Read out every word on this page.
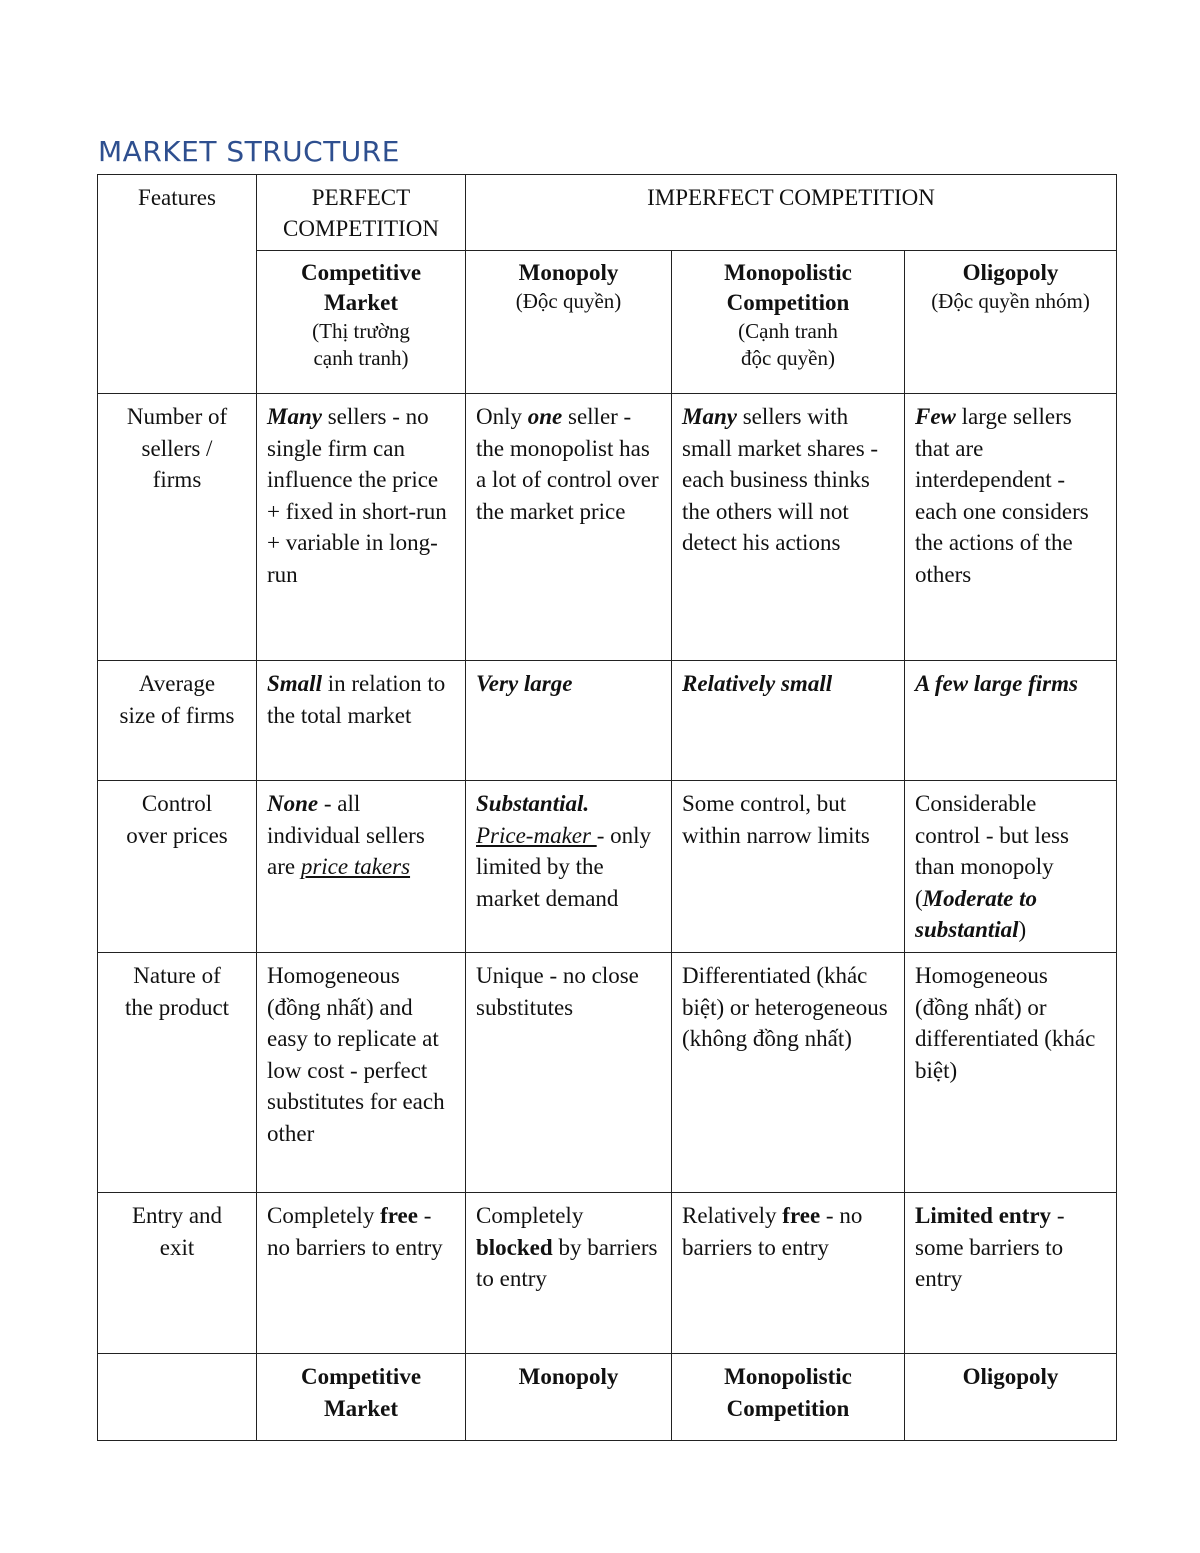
MARKET STRUCTURE
Features	PERFECT
COMPETITION	IMPERFECT COMPETITION		

	Competitive
Market
(Thị trường
cạnh tranh)	Monopoly
(Độc quyền)	Monopolistic
Competition
(Cạnh tranh
độc quyền)	Oligopoly
(Độc quyền nhóm)

Number of
sellers /
firms	Many sellers - no single firm can influence the price
+ fixed in short-run
+ variable in long-run	Only one seller - the monopolist has a lot of control over the market price	Many sellers with small market shares - each business thinks the others will not detect his actions	Few large sellers that are interdependent - each one considers the actions of the others

Average
size of firms	Small in relation to the total market	Very large	Relatively small	A few large firms

Control
over prices	None - all individual sellers are price takers	Substantial.
Price-maker - only limited by the market demand	Some control, but within narrow limits	Considerable control - but less than monopoly (Moderate to substantial)

Nature of
the product	Homogeneous (đồng nhất) and easy to replicate at low cost - perfect substitutes for each other	Unique - no close substitutes	Differentiated (khác biệt) or heterogeneous (không đồng nhất)	Homogeneous (đồng nhất) or differentiated (khác biệt)

Entry and
exit	Completely free - no barriers to entry	Completely blocked by barriers to entry	Relatively free - no barriers to entry	Limited entry - some barriers to entry

	Competitive
Market	Monopoly	Monopolistic
Competition	Oligopoly
